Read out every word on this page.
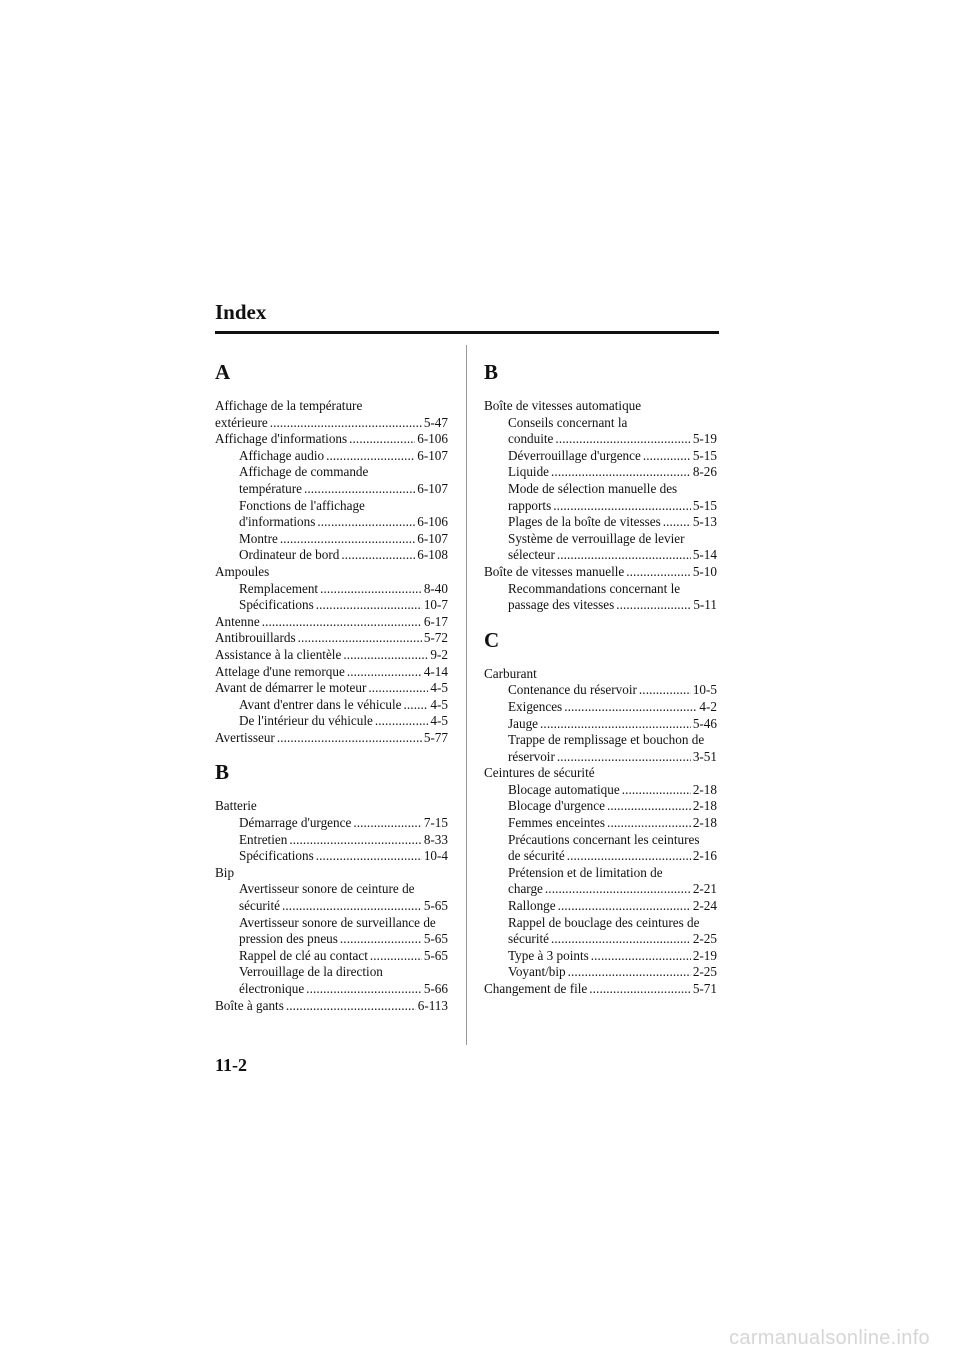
Index
A
Affichage de la température
extérieure . . .	5-47
Affichage d'informations . . .	6-106
Affichage audio . . .	6-107
Affichage de commande
température . . .	6-107
Fonctions de l'affichage
d'informations . . .	6-106
Montre . . .	6-107
Ordinateur de bord . . .	6-108
Ampoules
Remplacement . . .	8-40
Spécifications . . .	10-7
Antenne . . .	6-17
Antibrouillards . . .	5-72
Assistance à la clientèle . . .	9-2
Attelage d'une remorque . . .	4-14
Avant de démarrer le moteur . . .	4-5
Avant d'entrer dans le véhicule . . . 4-5
De l'intérieur du véhicule . . .	4-5
Avertisseur . . .	5-77
B
Batterie
Démarrage d'urgence . . .	7-15
Entretien . . .	8-33
Spécifications . . .	10-4
Bip
Avertisseur sonore de ceinture de
sécurité . . .	5-65
Avertisseur sonore de surveillance de
pression des pneus . . .	5-65
Rappel de clé au contact . . .	5-65
Verrouillage de la direction
électronique . . .	5-66
Boîte à gants . . .	6-113
B
Boîte de vitesses automatique
Conseils concernant la
conduite . . .	5-19
Déverrouillage d'urgence . . .	5-15
Liquide . . .	8-26
Mode de sélection manuelle des
rapports . . .	5-15
Plages de la boîte de vitesses . . . 5-13
Système de verrouillage de levier
sélecteur . . .	5-14
Boîte de vitesses manuelle . . .	5-10
Recommandations concernant le
passage des vitesses . . .	5-11
C
Carburant
Contenance du réservoir . . .	10-5
Exigences . . .	4-2
Jauge . . .	5-46
Trappe de remplissage et bouchon de
réservoir . . .	3-51
Ceintures de sécurité
Blocage automatique . . .	2-18
Blocage d'urgence . . .	2-18
Femmes enceintes . . .	2-18
Précautions concernant les ceintures
de sécurité . . .	2-16
Prétension et de limitation de
charge . . .	2-21
Rallonge . . .	2-24
Rappel de bouclage des ceintures de
sécurité . . .	2-25
Type à 3 points . . .	2-19
Voyant/bip . . .	2-25
Changement de file . . .	5-71
11-2
carmanualsonline.info
